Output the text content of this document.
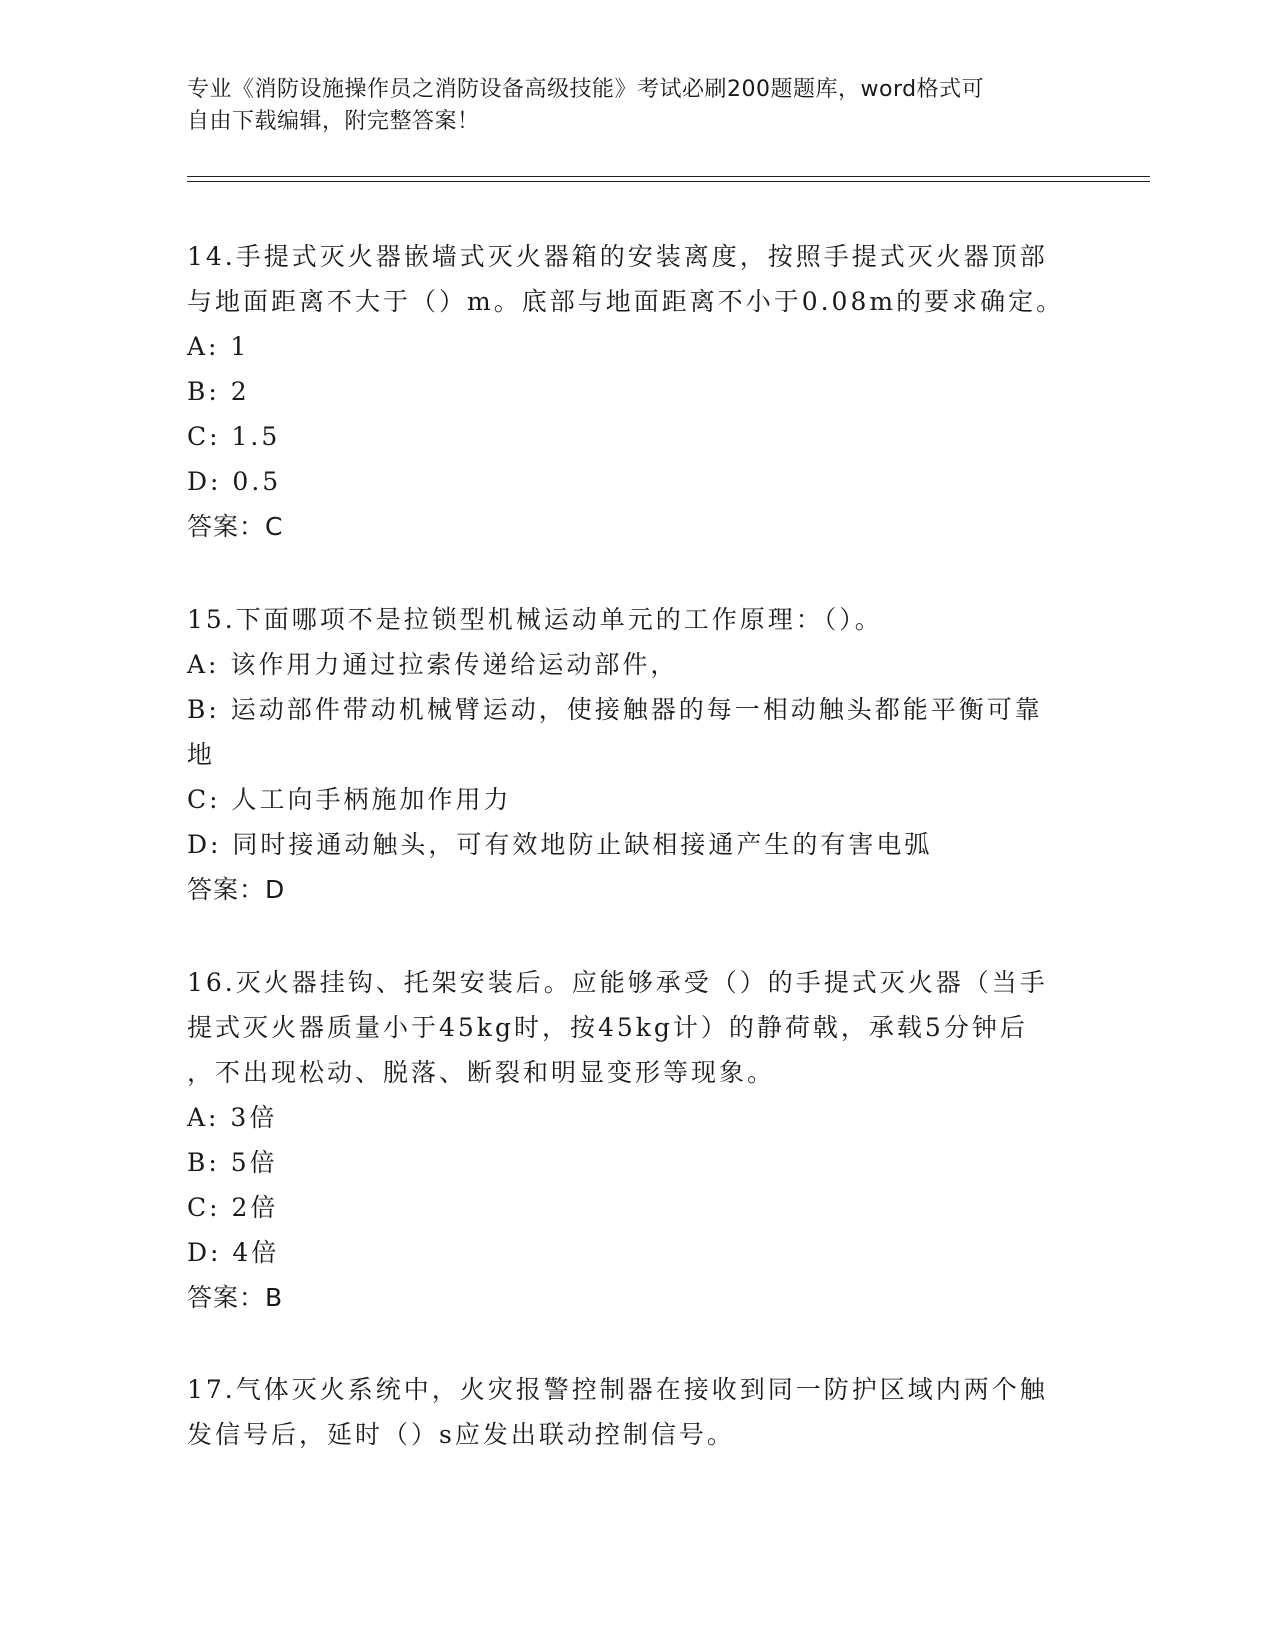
专业《消防设施操作员之消防设备高级技能》考试必刷200题题库，word格式可
自由下载编辑，附完整答案！

14.手提式灭火器嵌墙式灭火器箱的安装离度，按照手提式灭火器顶部

与地面距离不大于（）m。底部与地面距离不小于0.08m的要求确定。

A: 1

B: 2

C: 1.5

D: 0.5

答案：C

15.下面哪项不是拉锁型机械运动单元的工作原理：（）。

A: 该作用力通过拉索传递给运动部件，

B: 运动部件带动机械臂运动，使接触器的每一相动触头都能平衡可靠

地

C: 人工向手柄施加作用力

D: 同时接通动触头，可有效地防止缺相接通产生的有害电弧

答案：D

16.灭火器挂钩、托架安装后。应能够承受（）的手提式灭火器（当手

提式灭火器质量小于45kg时，按45kg计）的静荷戟，承载5分钟后

，不出现松动、脱落、断裂和明显变形等现象。

A: 3倍

B: 5倍

C: 2倍

D: 4倍

答案：B

17.气体灭火系统中，火灾报警控制器在接收到同一防护区域内两个触

发信号后，延时（）s应发出联动控制信号。
